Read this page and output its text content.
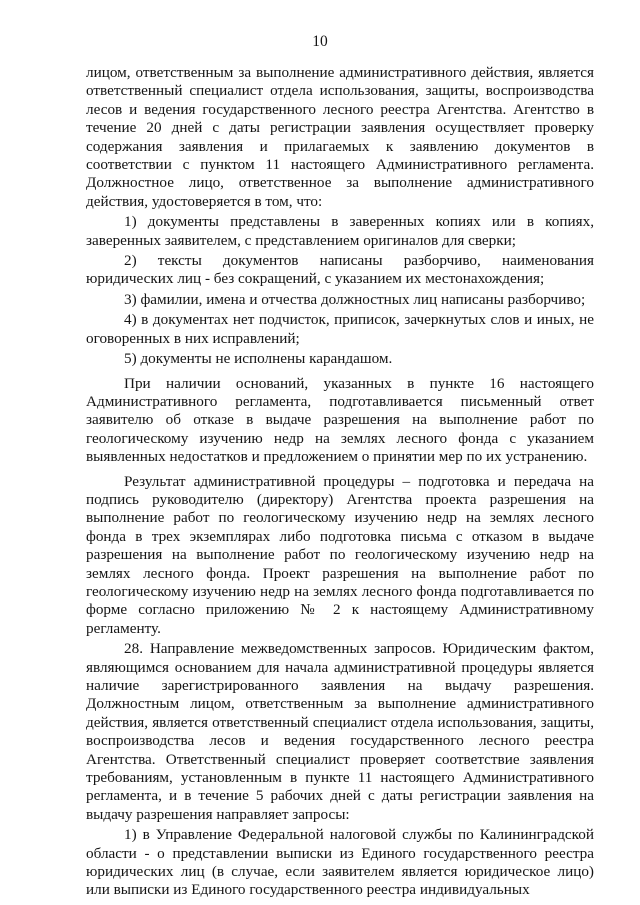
10

лицом, ответственным за выполнение административного действия, является ответственный специалист отдела использования, защиты, воспроизводства лесов и ведения государственного лесного реестра Агентства. Агентство в течение 20 дней с даты регистрации заявления осуществляет проверку содержания заявления и прилагаемых к заявлению документов в соответствии с пунктом 11 настоящего Административного регламента. Должностное лицо, ответственное за выполнение административного действия, удостоверяется в том, что:

1) документы представлены в заверенных копиях или в копиях, заверенных заявителем, с представлением оригиналов для сверки;

2) тексты документов написаны разборчиво, наименования юридических лиц - без сокращений, с указанием их местонахождения;

3) фамилии, имена и отчества должностных лиц написаны разборчиво;

4) в документах нет подчисток, приписок, зачеркнутых слов и иных, не оговоренных в них исправлений;

5) документы не исполнены карандашом.

При наличии оснований, указанных в пункте 16 настоящего Административного регламента, подготавливается письменный ответ заявителю об отказе в выдаче разрешения на выполнение работ по геологическому изучению недр на землях лесного фонда с указанием выявленных недостатков и предложением о принятии мер по их устранению.

Результат административной процедуры – подготовка и передача на подпись руководителю (директору) Агентства проекта разрешения на выполнение работ по геологическому изучению недр на землях лесного фонда в трех экземплярах либо подготовка письма с отказом в выдаче разрешения на выполнение работ по геологическому изучению недр на землях лесного фонда. Проект разрешения на выполнение работ по геологическому изучению недр на землях лесного фонда подготавливается по форме согласно приложению № 2 к настоящему Административному регламенту.

28. Направление межведомственных запросов. Юридическим фактом, являющимся основанием для начала административной процедуры является наличие зарегистрированного заявления на выдачу разрешения. Должностным лицом, ответственным за выполнение административного действия, является ответственный специалист отдела использования, защиты, воспроизводства лесов и ведения государственного лесного реестра Агентства. Ответственный специалист проверяет соответствие заявления требованиям, установленным в пункте 11 настоящего Административного регламента, и в течение 5 рабочих дней с даты регистрации заявления на выдачу разрешения направляет запросы:

1) в Управление Федеральной налоговой службы по Калининградской области - о представлении выписки из Единого государственного реестра юридических лиц (в случае, если заявителем является юридическое лицо) или выписки из Единого государственного реестра индивидуальных
